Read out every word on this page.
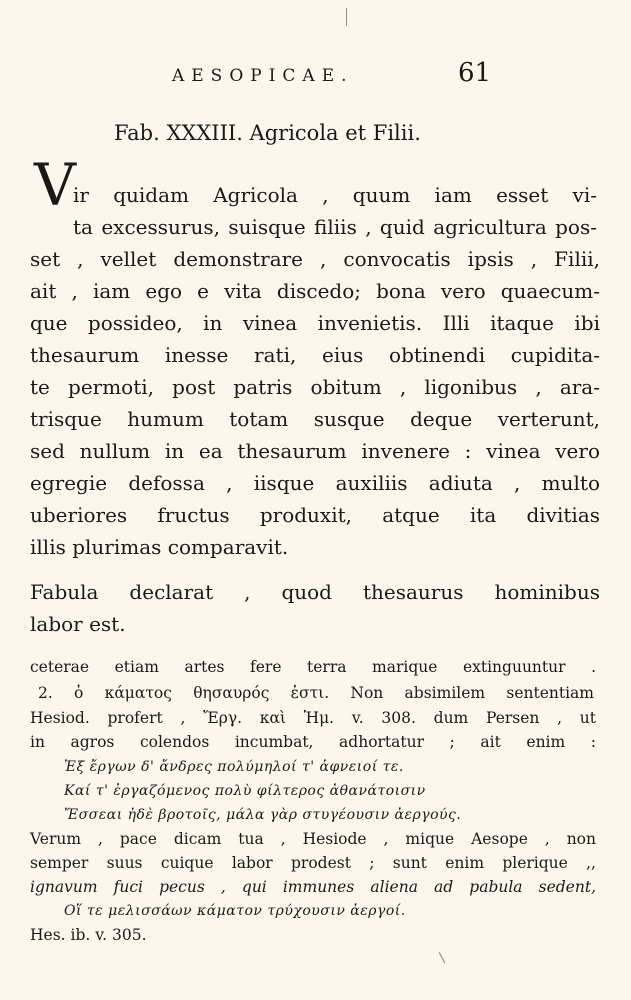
AESOPICAE.	61
Fab. XXXIII. Agricola et Filii.
V
ir quidam Agricola , quum iam esset vi-
ta excessurus, suisque filiis , quid agricultura pos-
set , vellet demonstrare , convocatis ipsis , Filii,
ait , iam ego e vita discedo; bona vero quaecum-
que possideo, in vinea invenietis. Illi itaque ibi
thesaurum inesse rati, eius obtinendi cupidita-
te permoti, post patris obitum , ligonibus , ara-
trisque humum totam susque deque verterunt,
sed nullum in ea thesaurum invenere : vinea vero
egregie defossa , iisque auxiliis adiuta , multo
uberiores fructus produxit, atque ita divitias
illis plurimas comparavit.
Fabula declarat , quod thesaurus hominibus
labor est.
ceterae etiam artes fere terra marique extinguuntur .
2. ὁ κάματος θησαυρός ἐστι. Non absimilem sententiam
Hesiod. profert , Ἔργ. καὶ Ἡμ. v. 308. dum Persen , ut
in agros colendos incumbat, adhortatur ; ait enim :
Ἐξ ἔργων δ' ἄνδρες πολύμηλοί τ' ἀφνειοί τε.
Καί τ' ἐργαζόμενος πολὺ φίλτερος ἀθανάτοισιν
Ἔσσεαι ἠδὲ βροτοῖς, μάλα γὰρ στυγέουσιν ἀεργούς.
Verum , pace dicam tua , Hesiode , mique Aesope , non
semper suus cuique labor prodest ; sunt enim plerique ,,
ignavum fuci pecus , qui immunes aliena ad pabula sedent,
Οἵ τε μελισσάων κάματον τρύχουσιν ἀεργοί.
Hes. ib. v. 305.
/
